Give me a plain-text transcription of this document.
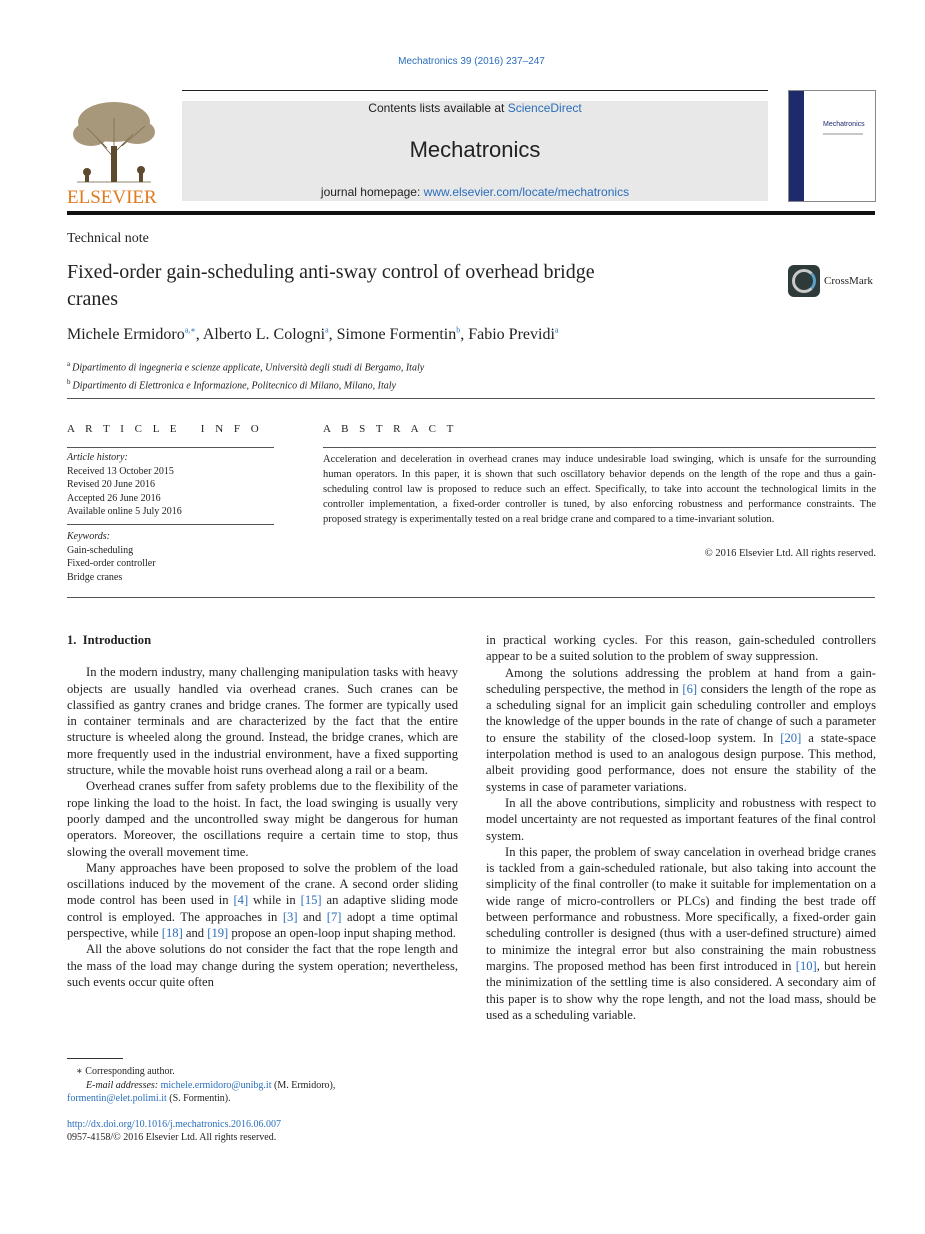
Mechatronics 39 (2016) 237–247
ELSEVIER
Contents lists available at ScienceDirect
Mechatronics
journal homepage: www.elsevier.com/locate/mechatronics
Mechatronics
Technical note
Fixed-order gain-scheduling anti-sway control of overhead bridge
cranes
CrossMark
Michele Ermidoro$^{a,∗}$, Alberto L. Cologni$^a$, Simone Formentin$^b$, Fabio Previdi$^a$
$^a$ Dipartimento di ingegneria e scienze applicate, Università degli studi di Bergamo, Italy
$^b$ Dipartimento di Elettronica e Informazione, Politecnico di Milano, Milano, Italy
A R T I C L E   I N F O
Article history:
Received 13 October 2015
Revised 20 June 2016
Accepted 26 June 2016
Available online 5 July 2016
Keywords:
Gain-scheduling
Fixed-order controller
Bridge cranes
A B S T R A C T
Acceleration and deceleration in overhead cranes may induce undesirable load swinging, which is unsafe for the surrounding human operators. In this paper, it is shown that such oscillatory behavior depends on the length of the rope and thus a gain-scheduling control law is proposed to reduce such an effect. Specifically, to take into account the technological limits in the controller implementation, a fixed-order controller is tuned, by also enforcing robustness and performance constraints. The proposed strategy is experimentally tested on a real bridge crane and compared to a time-invariant solution.
© 2016 Elsevier Ltd. All rights reserved.
1.  Introduction

In the modern industry, many challenging manipulation tasks with heavy objects are usually handled via overhead cranes. Such cranes can be classified as gantry cranes and bridge cranes. The former are typically used in container terminals and are characterized by the fact that the entire structure is wheeled along the ground. Instead, the bridge cranes, which are more frequently used in the industrial environment, have a fixed supporting structure, while the movable hoist runs overhead along a rail or a beam.

Overhead cranes suffer from safety problems due to the flexibility of the rope linking the load to the hoist. In fact, the load swinging is usually very poorly damped and the uncontrolled sway might be dangerous for human operators. Moreover, the oscillations require a certain time to stop, thus slowing the overall movement time.

Many approaches have been proposed to solve the problem of the load oscillations induced by the movement of the crane. A second order sliding mode control has been used in [4] while in [15] an adaptive sliding mode control is employed. The approaches in [3] and [7] adopt a time optimal perspective, while [18] and [19] propose an open-loop input shaping method.

All the above solutions do not consider the fact that the rope length and the mass of the load may change during the system operation; nevertheless, such events occur quite often

in practical working cycles. For this reason, gain-scheduled controllers appear to be a suited solution to the problem of sway suppression.

Among the solutions addressing the problem at hand from a gain-scheduling perspective, the method in [6] considers the length of the rope as a scheduling signal for an implicit gain scheduling controller and employs the knowledge of the upper bounds in the rate of change of such a parameter to ensure the stability of the closed-loop system. In [20] a state-space interpolation method is used to an analogous design purpose. This method, albeit providing good performance, does not ensure the stability of the systems in case of parameter variations.

In all the above contributions, simplicity and robustness with respect to model uncertainty are not requested as important features of the final control system.

In this paper, the problem of sway cancelation in overhead bridge cranes is tackled from a gain-scheduled rationale, but also taking into account the simplicity of the final controller (to make it suitable for implementation on a wide range of micro-controllers or PLCs) and finding the best trade off between performance and robustness. More specifically, a fixed-order gain scheduling controller is designed (thus with a user-defined structure) aimed to minimize the integral error but also constraining the main robustness margins. The proposed method has been first introduced in [10], but herein the minimization of the settling time is also considered. A secondary aim of this paper is to show why the rope length, and not the load mass, should be used as a scheduling variable.

∗ Corresponding author.
E-mail addresses: michele.ermidoro@unibg.it (M. Ermidoro),
formentin@elet.polimi.it (S. Formentin).
http://dx.doi.org/10.1016/j.mechatronics.2016.06.007
0957-4158/© 2016 Elsevier Ltd. All rights reserved.
